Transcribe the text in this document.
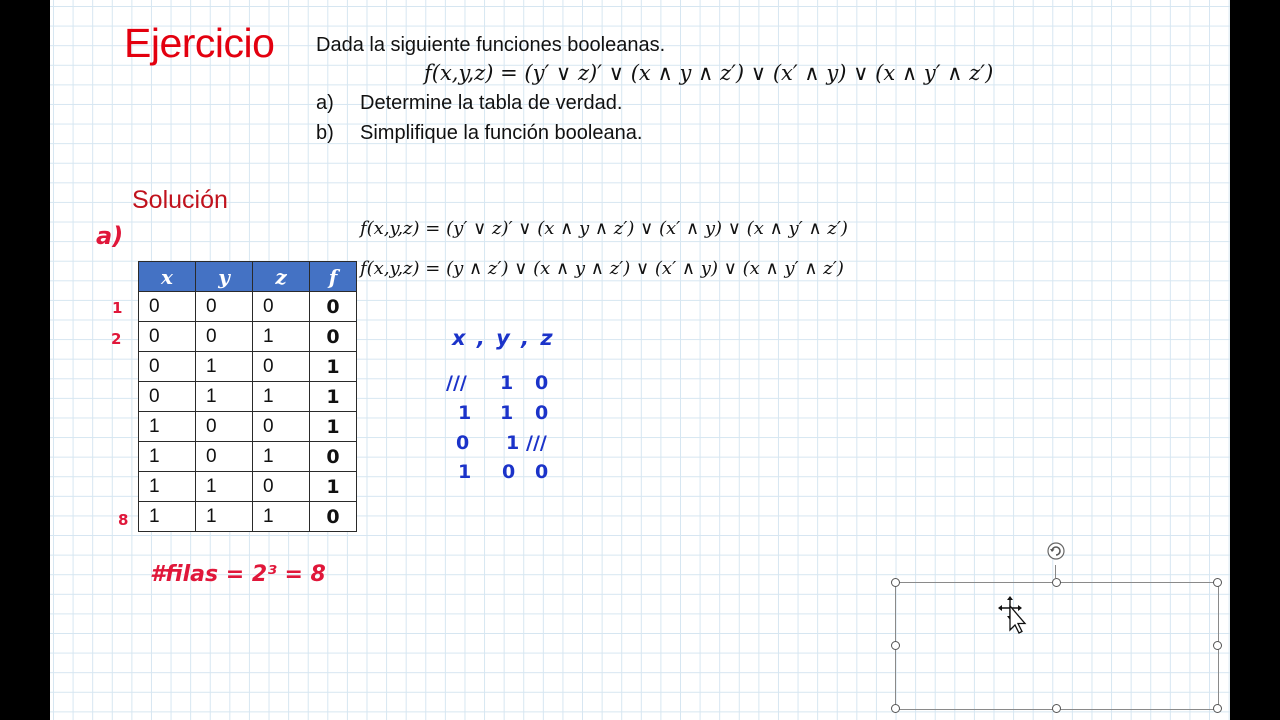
Ejercicio Dada la siguiente funciones booleanas.
f(x,y,z) = (y′ ∨ z)′ ∨ (x ∧ y ∧ z′) ∨ (x′ ∧ y) ∨ (x ∧ y′ ∧ z′)
a) Determine la tabla de verdad.
b) Simplifique la función booleana.
Solución
a)	f(x,y,z) = (y′ ∨ z)′ ∨ (x ∧ y ∧ z′) ∨ (x′ ∧ y) ∨ (x ∧ y′ ∧ z′)
f(x,y,z) = (y ∧ z′) ∨ (x ∧ y ∧ z′) ∨ (x′ ∧ y) ∨ (x ∧ y′ ∧ z′)
x	y	z	f
0	0	0	0
0	0	1	0
0	1	0	1
0	1	1	1
1	0	0	1
1	0	1	0
1	1	0	1
1	1	1	0
1
2
8
#filas = 2³ = 8
x , y , z
/// 1 0
1 1 0
0 1 ///
1 0 0
